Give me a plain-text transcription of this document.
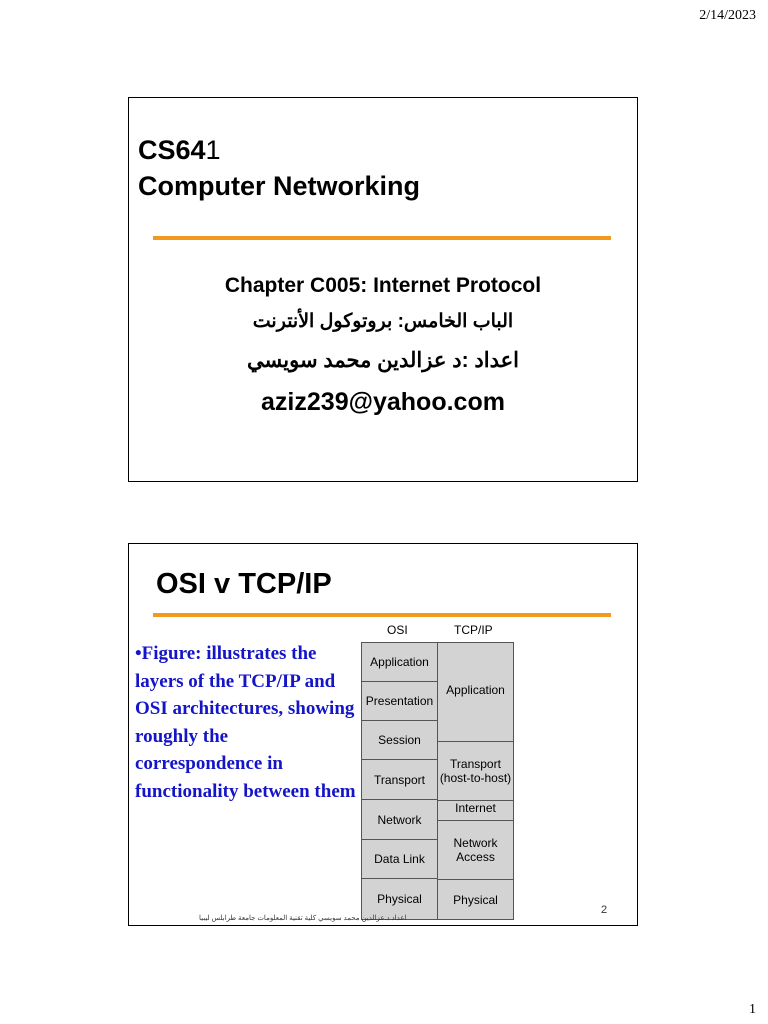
2/14/2023
CS641
Computer Networking
Chapter C005: Internet Protocol
الباب الخامس: بروتوكول الأنترنت
اعداد :د عزالدين محمد سويسي
aziz239@yahoo.com
OSI v TCP/IP
•Figure: illustrates the layers of the TCP/IP and OSI architectures, showing roughly the correspondence in functionality between them
OSI	TCP/IP
Application
Presentation
Session
Transport
Network
Data Link
Physical
Application
Transport
(host-to-host)
Internet
Network
Access
Physical
2
اعداد د.عزالدين محمد سويسي كلية تقنية المعلومات جامعة طرابلس ليبيا
1
